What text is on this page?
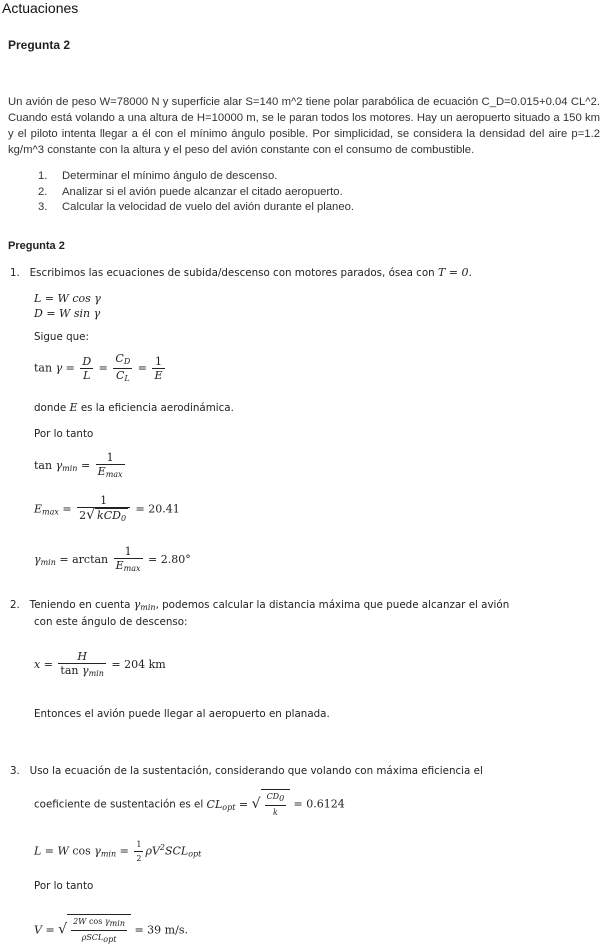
Actuaciones
Pregunta 2
Un avión de peso W=78000 N y superficie alar S=140 m^2 tiene polar parabólica de ecuación C_D=0.015+0.04 CL^2. Cuando está volando a una altura de H=10000 m, se le paran todos los motores. Hay un aeropuerto situado a 150 km y el piloto intenta llegar a él con el mínimo ángulo posible. Por simplicidad, se considera la densidad del aire p=1.2 kg/m^3 constante con la altura y el peso del avión constante con el consumo de combustible.
1. Determinar el mínimo ángulo de descenso.
2. Analizar si el avión puede alcanzar el citado aeropuerto.
3. Calcular la velocidad de vuelo del avión durante el planeo.
Pregunta 2
1. Escribimos las ecuaciones de subida/descenso con motores parados, ósea con T = 0.
L = W cos γ
D = W sin γ
Sigue que:
$\tan \gamma = \frac{D}{L} = \frac{C_D}{C_L} = \frac{1}{E}$
donde E es la eficiencia aerodinámica.
Por lo tanto
$\tan \gamma_{min} = \frac{1}{E_{max}}$
$E_{max} = \frac{1}{2√ kCD_0} = 20.41$
$\gamma_{min} = \arctan \frac{1}{E_{max}} = 2.80^\circ$
2. Teniendo en cuenta $\gamma_{min}$, podemos calcular la distancia máxima que puede alcanzar el avión
con este ángulo de descenso:
$x = \frac{H}{\tan \gamma_{min}} = 204$ km
Entonces el avión puede llegar al aeropuerto en planada.
3. Uso la ecuación de la sustentación, considerando que volando con máxima eficiencia el
coeficiente de sustentación es el $CL_{opt}$ = √ $\frac{CD_0}{k} = 0.6124$
L = W $\cos \gamma_{min} = \frac{1}{2} \rho V^2SCL_{opt}$
Por lo tanto
V = √ $\frac{2W \cos \gamma_{min}}{\rho SCL_{opt}} = 39$ m/s.
